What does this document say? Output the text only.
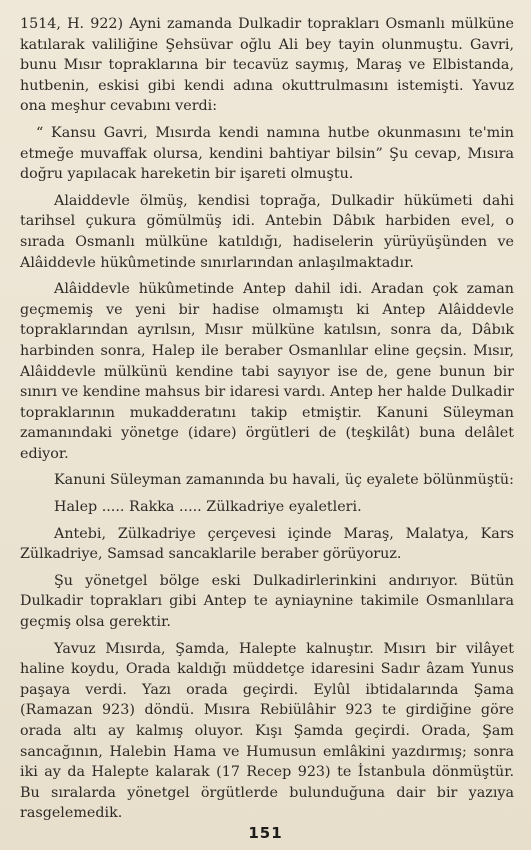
1514, H. 922) Ayni zamanda Dulkadir toprakları Osmanlı mülküne katılarak valiliğine Şehsüvar oğlu Ali bey tayin olunmuştu. Gavri, bunu Mısır topraklarına bir tecavüz saymış, Maraş ve Elbistanda, hutbenin, eskisi gibi kendi adına okuttrulmasını istemişti. Yavuz ona meşhur cevabını verdi:

“ Kansu Gavri, Mısırda kendi namına hutbe okunmasını te'min etmeğe muvaffak olursa, kendini bahtiyar bilsin” Şu cevap, Mısıra doğru yapılacak hareketin bir işareti olmuştu.

Alaiddevle ölmüş, kendisi toprağa, Dulkadir hükümeti dahi tarihsel çukura gömülmüş idi. Antebin Dâbık harbiden evel, o sırada Osmanlı mülküne katıldığı, hadiselerin yürüyüşünden ve Alâiddevle hükûmetinde sınırlarından anlaşılmaktadır.

Alâiddevle hükûmetinde Antep dahil idi. Aradan çok zaman geçmemiş ve yeni bir hadise olmamıştı ki Antep Alâiddevle topraklarından ayrılsın, Mısır mülküne katılsın, sonra da, Dâbık harbinden sonra, Halep ile beraber Osmanlılar eline geçsin. Mısır, Alâiddevle mülkünü kendine tabi sayıyor ise de, gene bunun bir sınırı ve kendine mahsus bir idaresi vardı. Antep her halde Dulkadir topraklarının mukadderatını takip etmiştir. Kanuni Süleyman zamanındaki yönetge (idare) örgütleri de (teşkilât) buna delâlet ediyor.

Kanuni Süleyman zamanında bu havali, üç eyalete bölünmüştü:

Halep ..... Rakka ..... Zülkadriye eyaletleri.

Antebi, Zülkadriye çerçevesi içinde Maraş, Malatya, Kars Zülkadriye, Samsad sancaklarile beraber görüyoruz.

Şu yönetgel bölge eski Dulkadirlerinkini andırıyor. Bütün Dulkadir toprakları gibi Antep te ayniaynine takimile Osmanlılara geçmiş olsa gerektir.

Yavuz Mısırda, Şamda, Halepte kalnuştır. Mısırı bir vilâyet haline koydu, Orada kaldığı müddetçe idaresini Sadır âzam Yunus paşaya verdi. Yazı orada geçirdi. Eylûl ibtidalarında Şama (Ramazan 923) döndü. Mısıra Rebiülâhir 923 te girdiğine göre orada altı ay kalmış oluyor. Kışı Şamda geçirdi. Orada, Şam sancağının, Halebin Hama ve Humusun emlâkini yazdırmış; sonra iki ay da Halepte kalarak (17 Recep 923) te İstanbula dönmüştür. Bu sıralarda yönetgel örgütlerde bulunduğuna dair bir yazıya rasgelemedik.

151
